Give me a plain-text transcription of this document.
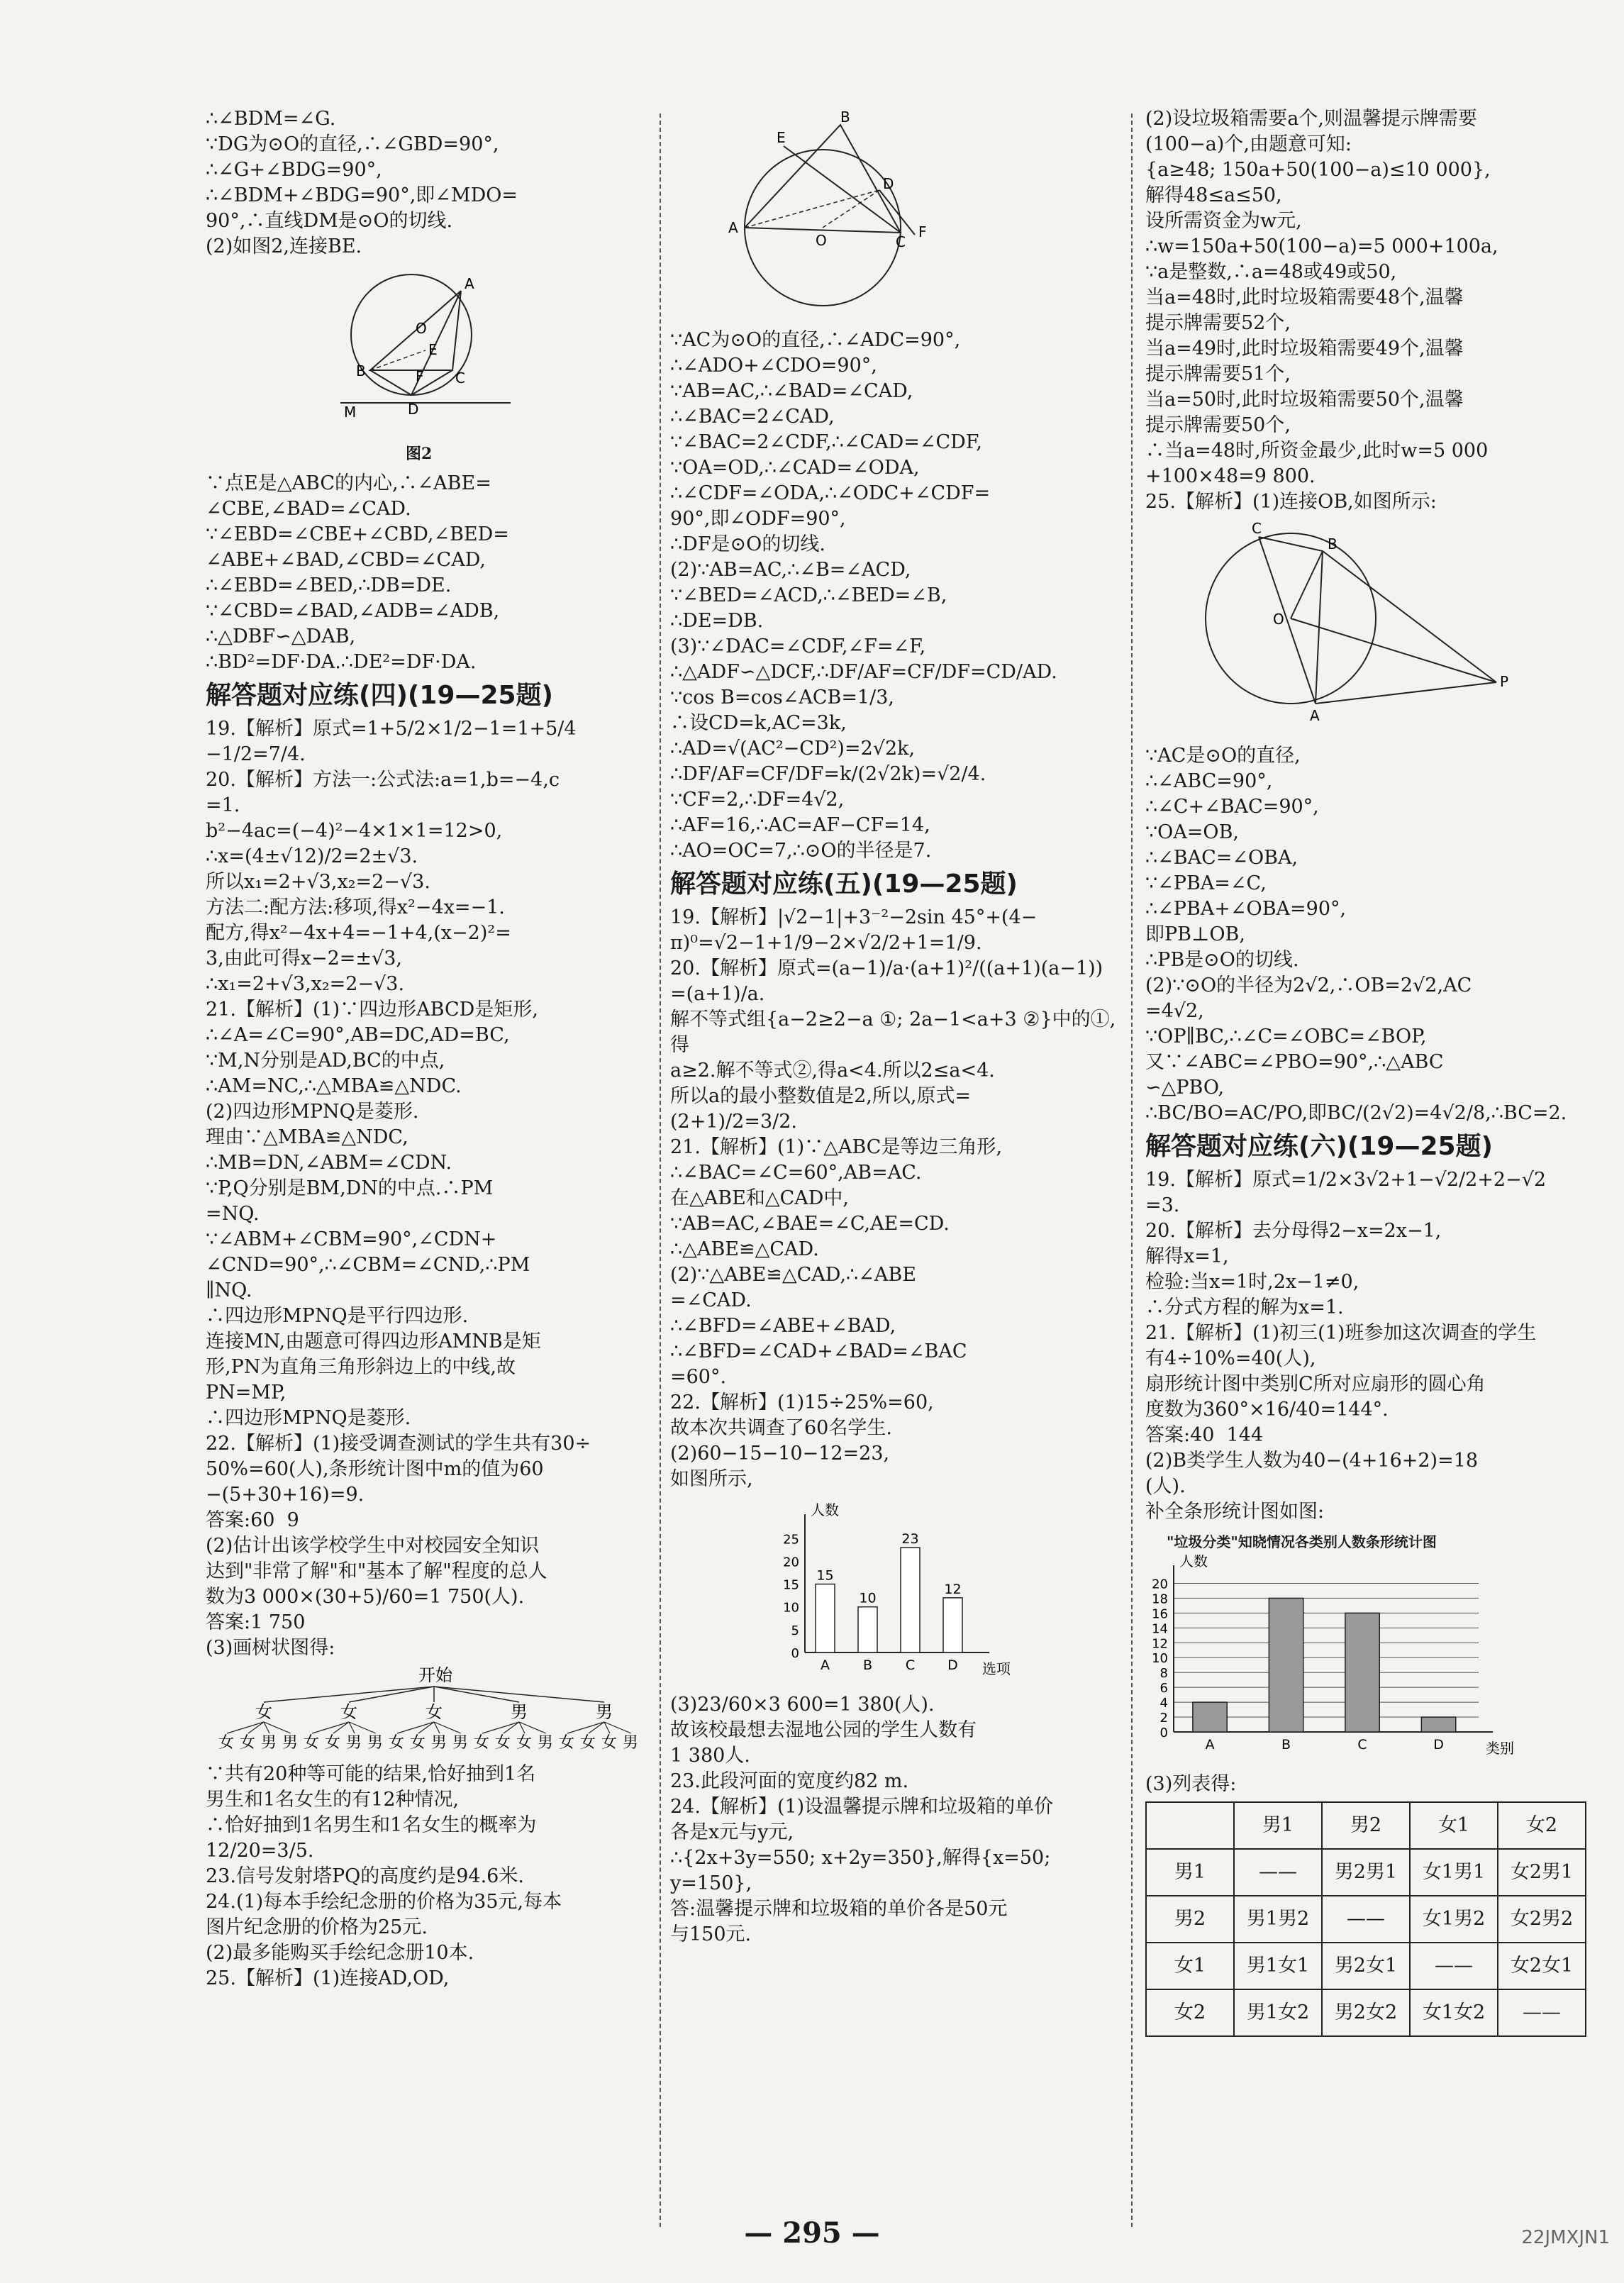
∴∠BDM=∠G.

∵DG为⊙O的直径,∴∠GBD=90°,

∴∠G+∠BDG=90°,

∴∠BDM+∠BDG=90°,即∠MDO=

90°,∴直线DM是⊙O的切线.

(2)如图2,连接BE.

A
B	C
D
E
F
O
M
图2

∵点E是△ABC的内心,∴∠ABE=

∠CBE,∠BAD=∠CAD.

∵∠EBD=∠CBE+∠CBD,∠BED=

∠ABE+∠BAD,∠CBD=∠CAD,

∴∠EBD=∠BED,∴DB=DE.

∵∠CBD=∠BAD,∠ADB=∠ADB,

∴△DBF∽△DAB,

∴BD²=DF·DA.∴DE²=DF·DA.

解答题对应练(四)(19—25题)

19.【解析】原式=1+5/2×1/2−1=1+5/4

−1/2=7/4.

20.【解析】方法一:公式法:a=1,b=−4,c

=1.

b²−4ac=(−4)²−4×1×1=12>0,

∴x=(4±√12)/2=2±√3.

所以x₁=2+√3,x₂=2−√3.

方法二:配方法:移项,得x²−4x=−1.

配方,得x²−4x+4=−1+4,(x−2)²=

3,由此可得x−2=±√3,

∴x₁=2+√3,x₂=2−√3.

21.【解析】(1)∵四边形ABCD是矩形,

∴∠A=∠C=90°,AB=DC,AD=BC,

∵M,N分别是AD,BC的中点,

∴AM=NC,∴△MBA≌△NDC.

(2)四边形MPNQ是菱形.

理由∵△MBA≌△NDC,

∴MB=DN,∠ABM=∠CDN.

∵P,Q分别是BM,DN的中点.∴PM

=NQ.

∵∠ABM+∠CBM=90°,∠CDN+

∠CND=90°,∴∠CBM=∠CND,∴PM

∥NQ.

∴四边形MPNQ是平行四边形.

连接MN,由题意可得四边形AMNB是矩

形,PN为直角三角形斜边上的中线,故

PN=MP,

∴四边形MPNQ是菱形.

22.【解析】(1)接受调查测试的学生共有30÷

50%=60(人),条形统计图中m的值为60

−(5+30+16)=9.

答案:60  9

(2)估计出该学校学生中对校园安全知识

达到"非常了解"和"基本了解"程度的总人

数为3 000×(30+5)/60=1 750(人).

答案:1 750

(3)画树状图得:

开始
女
女 女 男 男
女
女 女 男 男
女
女 女 男 男
男
女 女 女 男
男
女 女 女 男

∵共有20种等可能的结果,恰好抽到1名

男生和1名女生的有12种情况,

∴恰好抽到1名男生和1名女生的概率为

12/20=3/5.

23.信号发射塔PQ的高度约是94.6米.

24.(1)每本手绘纪念册的价格为35元,每本

图片纪念册的价格为25元.

(2)最多能购买手绘纪念册10本.

25.【解析】(1)连接AD,OD,

B
E
D
A
O	C
F

∵AC为⊙O的直径,∴∠ADC=90°,

∴∠ADO+∠CDO=90°,

∵AB=AC,∴∠BAD=∠CAD,

∴∠BAC=2∠CAD,

∵∠BAC=2∠CDF,∴∠CAD=∠CDF,

∵OA=OD,∴∠CAD=∠ODA,

∴∠CDF=∠ODA,∴∠ODC+∠CDF=

90°,即∠ODF=90°,

∴DF是⊙O的切线.

(2)∵AB=AC,∴∠B=∠ACD,

∵∠BED=∠ACD,∴∠BED=∠B,

∴DE=DB.

(3)∵∠DAC=∠CDF,∠F=∠F,

∴△ADF∽△DCF,∴DF/AF=CF/DF=CD/AD.

∵cos B=cos∠ACB=1/3,

∴设CD=k,AC=3k,

∴AD=√(AC²−CD²)=2√2k,

∴DF/AF=CF/DF=k/(2√2k)=√2/4.

∵CF=2,∴DF=4√2,

∴AF=16,∴AC=AF−CF=14,

∴AO=OC=7,∴⊙O的半径是7.

解答题对应练(五)(19—25题)

19.【解析】|√2−1|+3⁻²−2sin 45°+(4−

π)⁰=√2−1+1/9−2×√2/2+1=1/9.

20.【解析】原式=(a−1)/a·(a+1)²/((a+1)(a−1))

=(a+1)/a.

解不等式组{a−2≥2−a ①; 2a−1<a+3 ②}中的①,得

a≥2.解不等式②,得a<4.所以2≤a<4.

所以a的最小整数值是2,所以,原式=

(2+1)/2=3/2.

21.【解析】(1)∵△ABC是等边三角形,

∴∠BAC=∠C=60°,AB=AC.

在△ABE和△CAD中,

∵AB=AC,∠BAE=∠C,AE=CD.

∴△ABE≌△CAD.

(2)∵△ABE≌△CAD,∴∠ABE

=∠CAD.

∴∠BFD=∠ABE+∠BAD,

∴∠BFD=∠CAD+∠BAD=∠BAC

=60°.

22.【解析】(1)15÷25%=60,

故本次共调查了60名学生.

(2)60−15−10−12=23,

如图所示,

人数
选项
0
5
10
15
20
25
A
15
B
10
C
23
D
12

(3)23/60×3 600=1 380(人).

故该校最想去湿地公园的学生人数有

1 380人.

23.此段河面的宽度约82 m.

24.【解析】(1)设温馨提示牌和垃圾箱的单价

各是x元与y元,

∴{2x+3y=550; x+2y=350},解得{x=50; y=150},

答:温馨提示牌和垃圾箱的单价各是50元

与150元.

(2)设垃圾箱需要a个,则温馨提示牌需要

(100−a)个,由题意可知:

{a≥48; 150a+50(100−a)≤10 000},

解得48≤a≤50,

设所需资金为w元,

∴w=150a+50(100−a)=5 000+100a,

∵a是整数,∴a=48或49或50,

当a=48时,此时垃圾箱需要48个,温馨

提示牌需要52个,

当a=49时,此时垃圾箱需要49个,温馨

提示牌需要51个,

当a=50时,此时垃圾箱需要50个,温馨

提示牌需要50个,

∴当a=48时,所资金最少,此时w=5 000

+100×48=9 800.

25.【解析】(1)连接OB,如图所示:

C
B
O
A
P

∵AC是⊙O的直径,

∴∠ABC=90°,

∴∠C+∠BAC=90°,

∵OA=OB,

∴∠BAC=∠OBA,

∵∠PBA=∠C,

∴∠PBA+∠OBA=90°,

即PB⊥OB,

∴PB是⊙O的切线.

(2)∵⊙O的半径为2√2,∴OB=2√2,AC

=4√2,

∵OP∥BC,∴∠C=∠OBC=∠BOP,

又∵∠ABC=∠PBO=90°,∴△ABC

∽△PBO,

∴BC/BO=AC/PO,即BC/(2√2)=4√2/8,∴BC=2.

解答题对应练(六)(19—25题)

19.【解析】原式=1/2×3√2+1−√2/2+2−√2

=3.

20.【解析】去分母得2−x=2x−1,

解得x=1,

检验:当x=1时,2x−1≠0,

∴分式方程的解为x=1.

21.【解析】(1)初三(1)班参加这次调查的学生

有4÷10%=40(人),

扇形统计图中类别C所对应扇形的圆心角

度数为360°×16/40=144°.

答案:40  144

(2)B类学生人数为40−(4+16+2)=18

(人).

补全条形统计图如图:

"垃圾分类"知晓情况各类别人数条形统计图
人数
类别
0
2
4
6
8
10
12
14
16
18
20
A	B	C	D

(3)列表得:

	男1	男2	女1	女2
男1	——	男2男1	女1男1	女2男1
男2	男1男2	——	女1男2	女2男2
女1	男1女1	男2女1	——	女2女1
女2	男1女2	男2女2	女1女2	——
— 295 —	22JMXJN1
